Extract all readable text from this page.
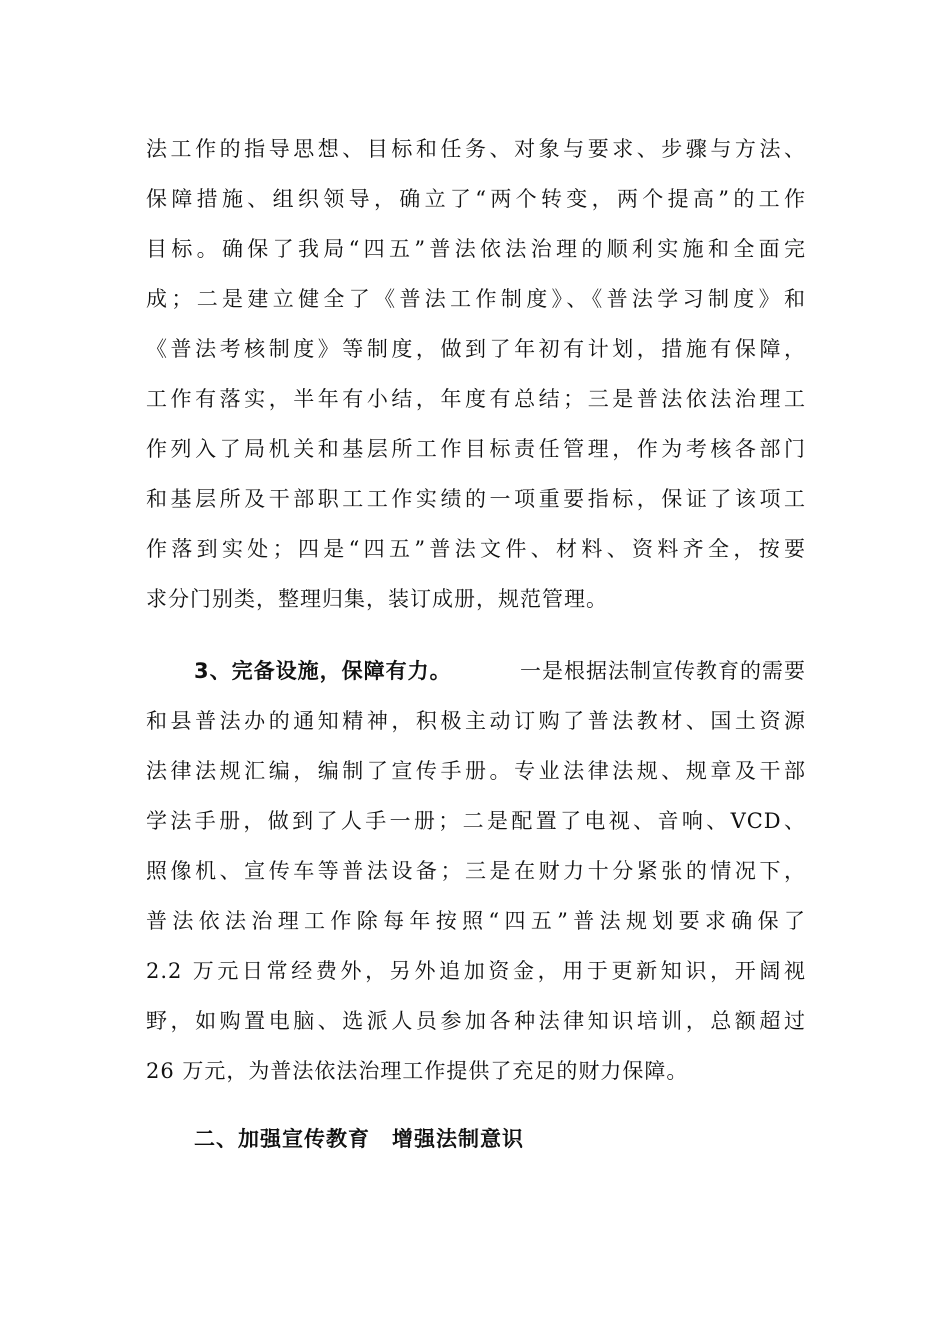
法工作的指导思想、目标和任务、对象与要求、步骤与方法、
保障措施、组织领导，确立了“两个转变，两个提高”的工作
目标。确保了我局“四五”普法依法治理的顺利实施和全面完
成；二是建立健全了《普法工作制度》、《普法学习制度》和
《普法考核制度》等制度，做到了年初有计划，措施有保障，
工作有落实，半年有小结，年度有总结；三是普法依法治理工
作列入了局机关和基层所工作目标责任管理，作为考核各部门
和基层所及干部职工工作实绩的一项重要指标，保证了该项工
作落到实处；四是“四五”普法文件、材料、资料齐全，按要
求分门别类，整理归集，装订成册，规范管理。
3、完备设施，保障有力。	一是根据法制宣传教育的需要
和县普法办的通知精神，积极主动订购了普法教材、国土资源
法律法规汇编，编制了宣传手册。专业法律法规、规章及干部
学法手册，做到了人手一册；二是配置了电视、音响、VCD、
照像机、宣传车等普法设备；三是在财力十分紧张的情况下，
普法依法治理工作除每年按照“四五”普法规划要求确保了
2.2 万元日常经费外，另外追加资金，用于更新知识，开阔视
野，如购置电脑、选派人员参加各种法律知识培训，总额超过
26 万元，为普法依法治理工作提供了充足的财力保障。
二、加强宣传教育　增强法制意识
